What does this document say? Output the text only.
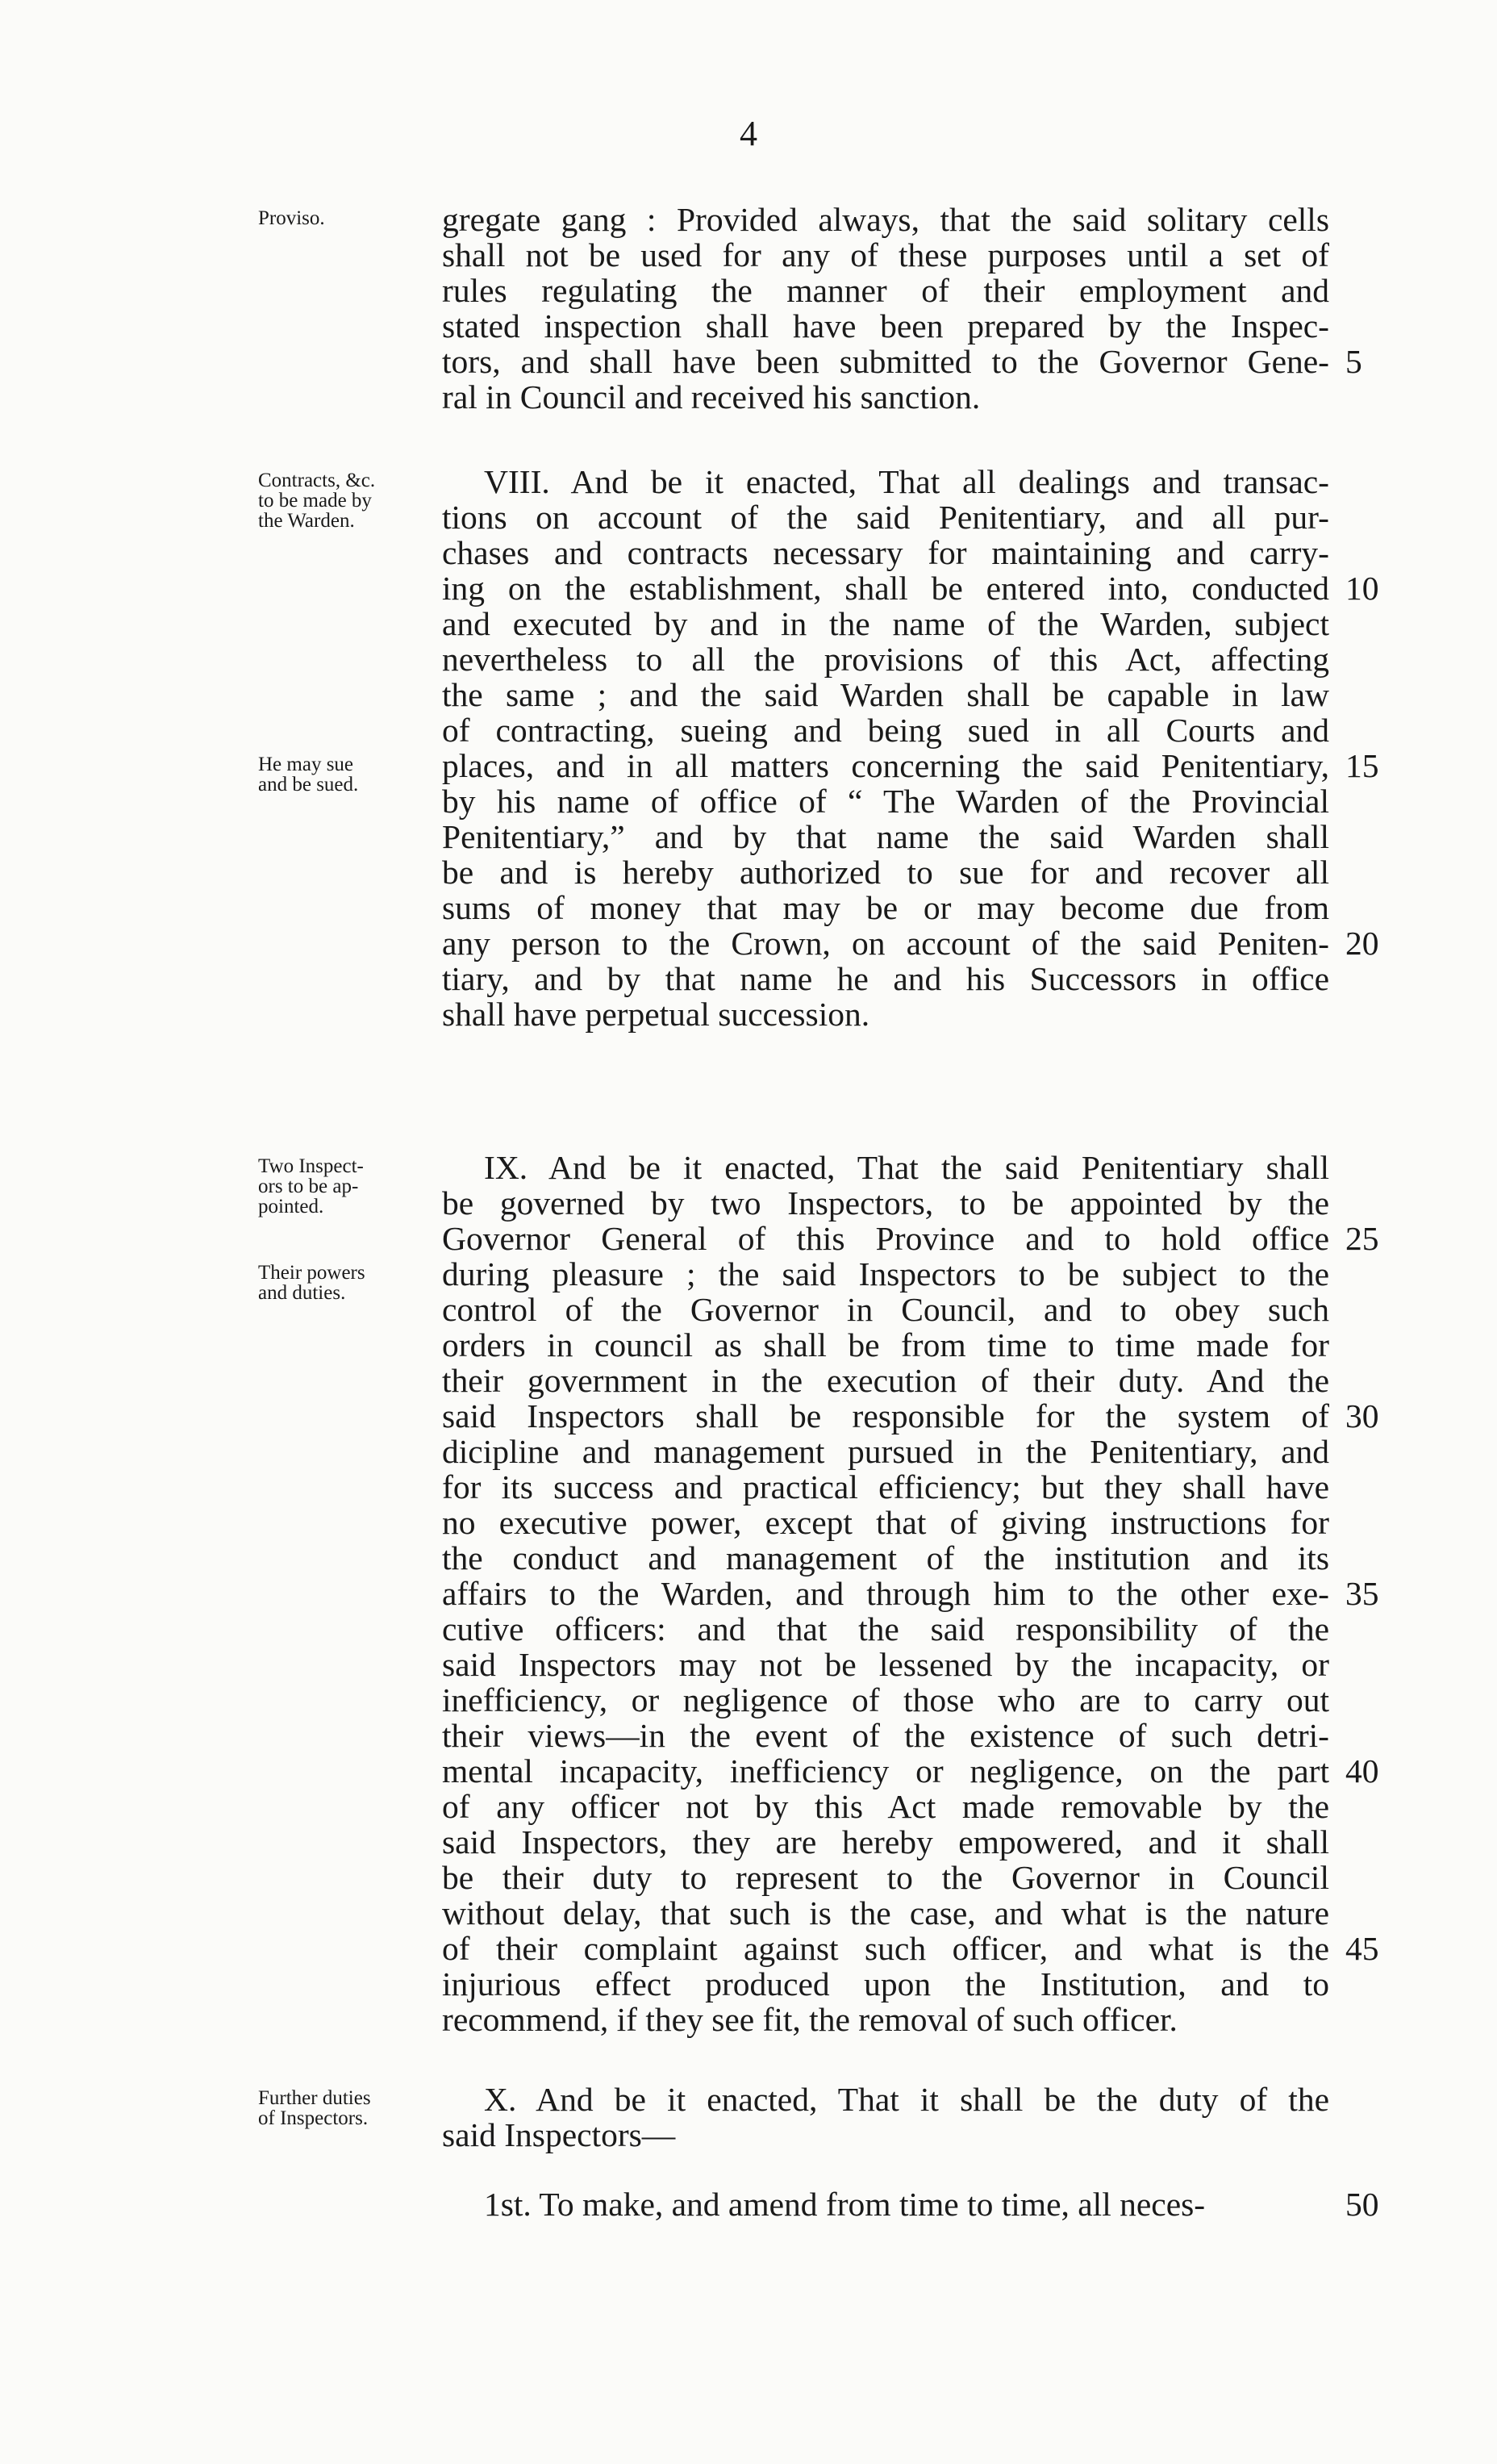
4
gregate gang : Provided always, that the said solitary cells
shall not be used for any of these purposes until a set of
rules regulating the manner of their employment and
stated inspection shall have been prepared by the Inspec-
tors, and shall have been submitted to the Governor Gene-
ral in Council and received his sanction.
Proviso.
5
VIII. And be it enacted, That all dealings and transac-
tions on account of the said Penitentiary, and all pur-
chases and contracts necessary for maintaining and carry-
ing on the establishment, shall be entered into, conducted
and executed by and in the name of the Warden, subject
nevertheless to all the provisions of this Act, affecting
the same ; and the said Warden shall be capable in law
of contracting, sueing and being sued in all Courts and
places, and in all matters concerning the said Penitentiary,
by his name of office of “ The Warden of the Provincial
Penitentiary,” and by that name the said Warden shall
be and is hereby authorized to sue for and recover all
sums of money that may be or may become due from
any person to the Crown, on account of the said Peniten-
tiary, and by that name he and his Successors in office
shall have perpetual succession.
Contracts, &c.
to be made by
the Warden.
He may sue
and be sued.
10
15
20
IX. And be it enacted, That the said Penitentiary shall
be governed by two Inspectors, to be appointed by the
Governor General of this Province and to hold office
during pleasure ; the said Inspectors to be subject to the
control of the Governor in Council, and to obey such
orders in council as shall be from time to time made for
their government in the execution of their duty. And the
said Inspectors shall be responsible for the system of
dicipline and management pursued in the Penitentiary, and
for its success and practical efficiency; but they shall have
no executive power, except that of giving instructions for
the conduct and management of the institution and its
affairs to the Warden, and through him to the other exe-
cutive officers: and that the said responsibility of the
said Inspectors may not be lessened by the incapacity, or
inefficiency, or negligence of those who are to carry out
their views—in the event of the existence of such detri-
mental incapacity, inefficiency or negligence, on the part
of any officer not by this Act made removable by the
said Inspectors, they are hereby empowered, and it shall
be their duty to represent to the Governor in Council
without delay, that such is the case, and what is the nature
of their complaint against such officer, and what is the
injurious effect produced upon the Institution, and to
recommend, if they see fit, the removal of such officer.
Two Inspect-
ors to be ap-
pointed.
Their powers
and duties.
25
30
35
40
45
X. And be it enacted, That it shall be the duty of the
said Inspectors—
Further duties
of Inspectors.
1st. To make, and amend from time to time, all neces-	50
